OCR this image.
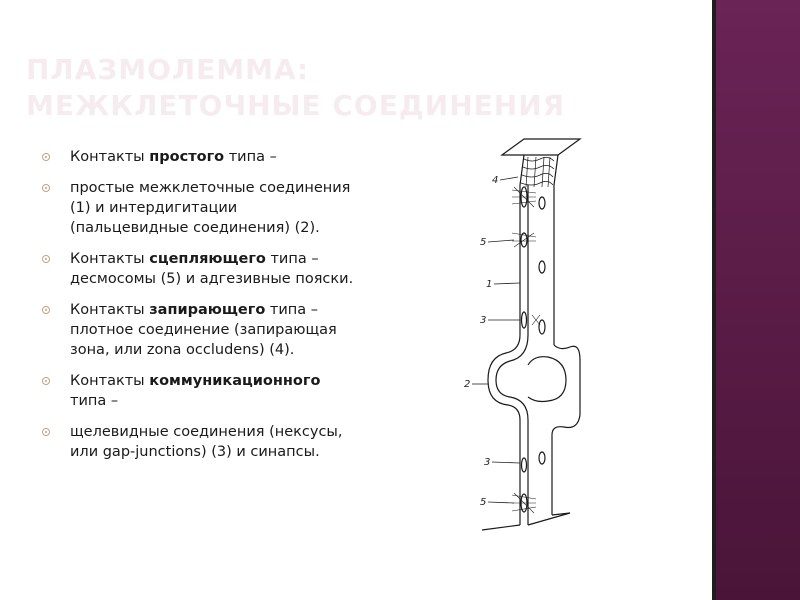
ПЛАЗМОЛЕММА:
МЕЖКЛЕТОЧНЫЕ СОЕДИНЕНИЯ
Контакты простого типа –
простые межклеточные соединения (1) и интердигитации (пальцевидные соединения) (2).
Контакты сцепляющего типа – десмосомы (5) и адгезивные пояски.
Контакты запирающего типа – плотное соединение (запирающая зона, или zona occludens) (4).
Контакты коммуникационного типа –
щелевидные соединения (нексусы, или gap-junctions) (3) и синапсы.
4
5
1
3
2
3
5
